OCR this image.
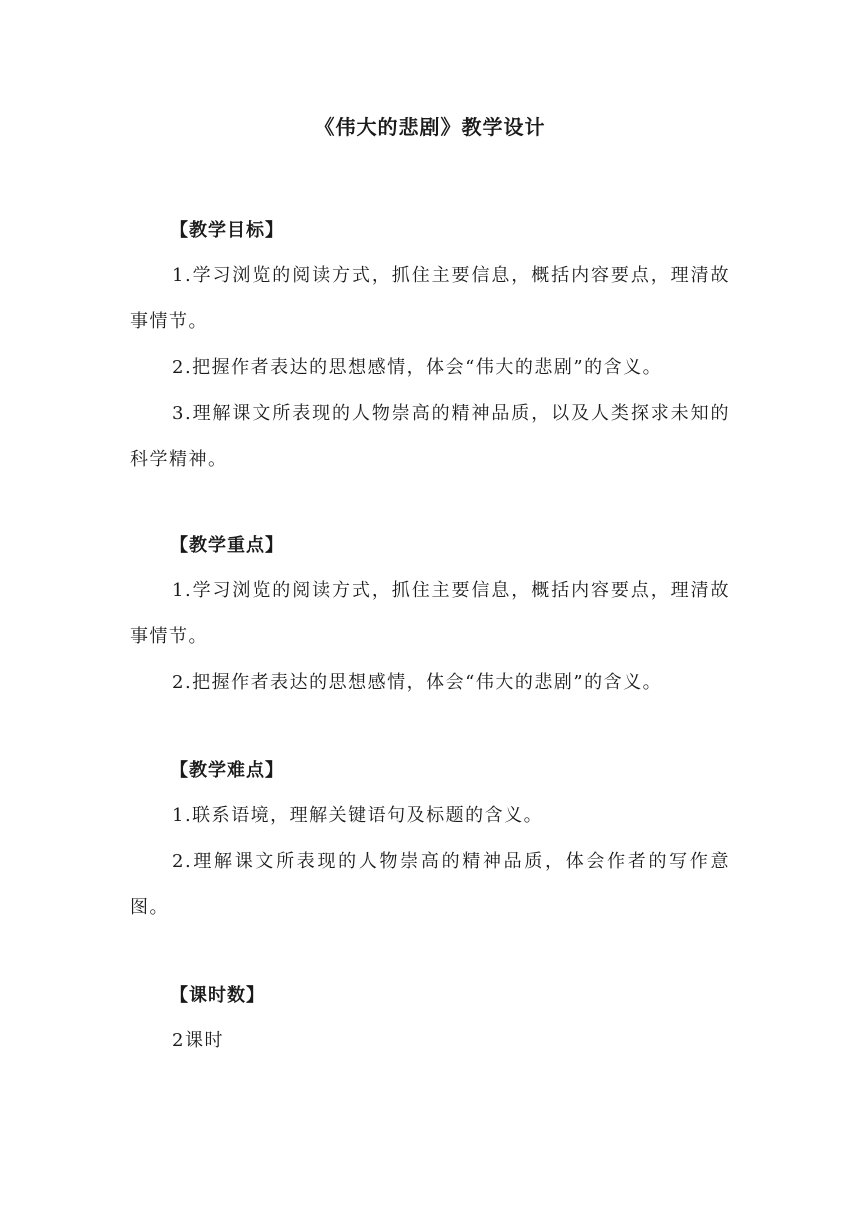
《伟大的悲剧》教学设计
【教学目标】

1.学习浏览的阅读方式，抓住主要信息，概括内容要点，理清故事情节。

2.把握作者表达的思想感情，体会“伟大的悲剧”的含义。

3.理解课文所表现的人物崇高的精神品质，以及人类探求未知的科学精神。

【教学重点】

1.学习浏览的阅读方式，抓住主要信息，概括内容要点，理清故事情节。

2.把握作者表达的思想感情，体会“伟大的悲剧”的含义。

【教学难点】

1.联系语境，理解关键语句及标题的含义。

2.理解课文所表现的人物崇高的精神品质，体会作者的写作意图。

【课时数】

2课时
